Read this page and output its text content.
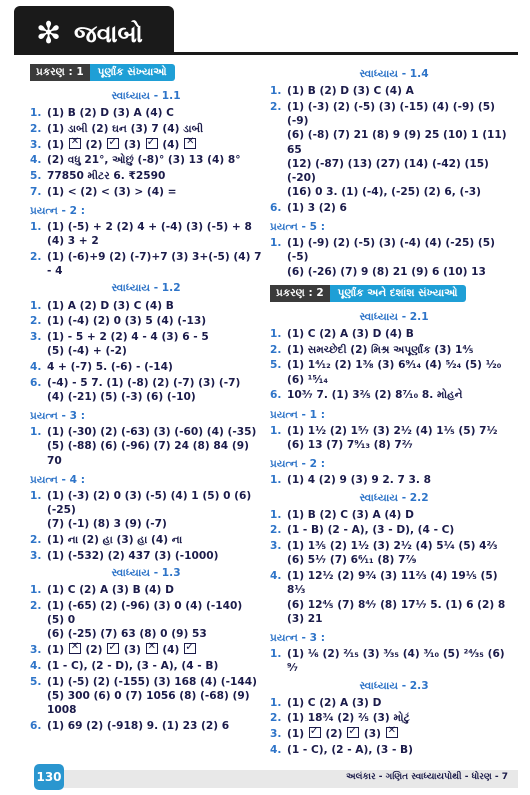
✻ જવાબો
પ્રકરણ : 1	પૂર્ણાંક સંખ્યાઓ
સ્વાધ્યાય - 1.1
1. (1) B (2) D (3) A (4) C
2. (1) ડાબી (2) ઘન (3) 7 (4) ડાબી
3. (1) ✕ (2) ✓ (3) ✓ (4) ✕
4. (2) વધુ 21°, ઓછું (-8)° (3) 13 (4) 8°
5. 77850 મીટર 6. ₹2590
7. (1) < (2) < (3) > (4) =
પ્રયત્ન - 2 :
1. (1) (-5) + 2 (2) 4 + (-4) (3) (-5) + 8
(4) 3 + 2
2. (1) (-6)+9 (2) (-7)+7 (3) 3+(-5) (4) 7 - 4
સ્વાધ્યાય - 1.2
1. (1) A (2) D (3) C (4) B
2. (1) (-4) (2) 0 (3) 5 (4) (-13)
3. (1) - 5 + 2 (2) 4 - 4 (3) 6 - 5
(5) (-4) + (-2)
4. 4 + (-7) 5. (-6) - (-14)
6. (-4) - 5 7. (1) (-8) (2) (-7) (3) (-7)
(4) (-21) (5) (-3) (6) (-10)
પ્રયત્ન - 3 :
1. (1) (-30) (2) (-63) (3) (-60) (4) (-35)
(5) (-88) (6) (-96) (7) 24 (8) 84 (9) 70
પ્રયત્ન - 4 :
1. (1) (-3) (2) 0 (3) (-5) (4) 1 (5) 0 (6) (-25)
(7) (-1) (8) 3 (9) (-7)
2. (1) ના (2) હા (3) હા (4) ના
3. (1) (-532) (2) 437 (3) (-1000)
સ્વાધ્યાય - 1.3
1. (1) C (2) A (3) B (4) D
2. (1) (-65) (2) (-96) (3) 0 (4) (-140) (5) 0
(6) (-25) (7) 63 (8) 0 (9) 53
3. (1) ✕ (2) ✓ (3) ✕ (4) ✓
4. (1 - C), (2 - D), (3 - A), (4 - B)
5. (1) (-5) (2) (-155) (3) 168 (4) (-144)
(5) 300 (6) 0 (7) 1056 (8) (-68) (9) 1008
6. (1) 69 (2) (-918) 9. (1) 23 (2) 6
સ્વાધ્યાય - 1.4
1. (1) B (2) D (3) C (4) A
2. (1) (-3) (2) (-5) (3) (-15) (4) (-9) (5) (-9)
(6) (-8) (7) 21 (8) 9 (9) 25 (10) 1 (11) 65
(12) (-87) (13) (27) (14) (-42) (15) (-20)
(16) 0 3. (1) (-4), (-25) (2) 6, (-3)
6. (1) 3 (2) 6
પ્રયત્ન - 5 :
1. (1) (-9) (2) (-5) (3) (-4) (4) (-25) (5) (-5)
(6) (-26) (7) 9 (8) 21 (9) 6 (10) 13
પ્રકરણ : 2	પૂર્ણાંક અને દશાંશ સંખ્યાઓ
સ્વાધ્યાય - 2.1
1. (1) C (2) A (3) D (4) B
2. (1) સમચ્છેદી (2) મિશ્ર અપૂર્ણાંક (3) 1⁴⁄₅
5. (1) 1⁴⁄₁₂ (2) 1³⁄₈ (3) 6⁹⁄₁₄ (4) ⁵⁄₂₄ (5) ¹⁄₂₀ (6) ¹⁵⁄₁₄
6. 10³⁄₇ 7. (1) 3²⁄₅ (2) 8⁷⁄₁₀ 8. મોહને
પ્રયત્ન - 1 :
1. (1) 1¹⁄₂ (2) 1⁵⁄₇ (3) 2¹⁄₂ (4) 1¹⁄₅ (5) 7¹⁄₂
(6) 13 (7) 7⁹⁄₁₃ (8) 7²⁄₇
પ્રયત્ન - 2 :
1. (1) 4 (2) 9 (3) 9 2. 7 3. 8
સ્વાધ્યાય - 2.2
1. (1) B (2) C (3) A (4) D
2. (1 - B) (2 - A), (3 - D), (4 - C)
3. (1) 1³⁄₅ (2) 1¹⁄₂ (3) 2¹⁄₂ (4) 5¹⁄₄ (5) 4²⁄₃
(6) 5¹⁄₇ (7) 6⁶⁄₁₁ (8) 7⁷⁄₉
4. (1) 12¹⁄₂ (2) 9³⁄₄ (3) 11²⁄₃ (4) 19¹⁄₅ (5) 8¹⁄₃
(6) 12⁴⁄₅ (7) 8⁴⁄₇ (8) 17¹⁄₇ 5. (1) 6 (2) 8 (3) 21
પ્રયત્ન - 3 :
1. (1) ¹⁄₆ (2) ²⁄₁₅ (3) ³⁄₃₅ (4) ³⁄₁₀ (5) ²⁴⁄₃₅ (6) ⁹⁄₇
સ્વાધ્યાય - 2.3
1. (1) C (2) A (3) D
2. (1) 18³⁄₄ (2) ²⁄₅ (3) મોટું
3. (1) ✓ (2) ✓ (3) ✕
4. (1 - C), (2 - A), (3 - B)
130	અલંકાર - ગણિત સ્વાધ્યાયપોથી - ધોરણ - 7
